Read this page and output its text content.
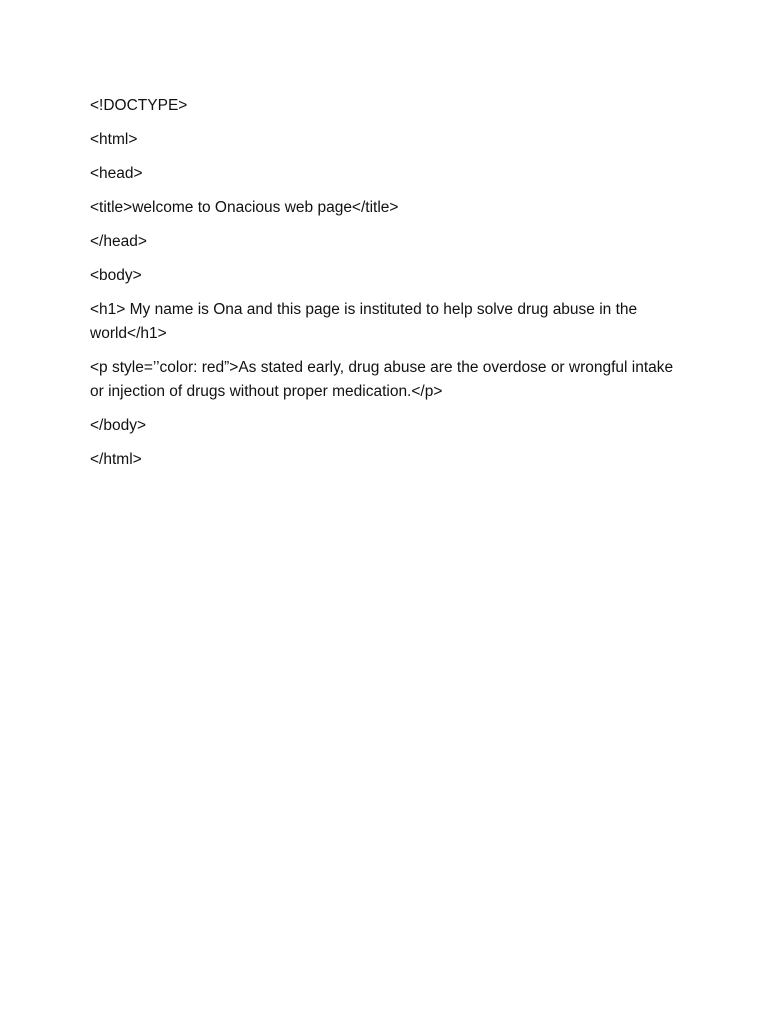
<!DOCTYPE>

<html>

<head>

<title>welcome to Onacious web page</title>

</head>

<body>

<h1> My name is Ona and this page is instituted to help solve drug abuse in the world</h1>

<p style=’’color: red”>As stated early, drug abuse are the overdose or wrongful intake or injection of drugs without proper medication.</p>

</body>

</html>
